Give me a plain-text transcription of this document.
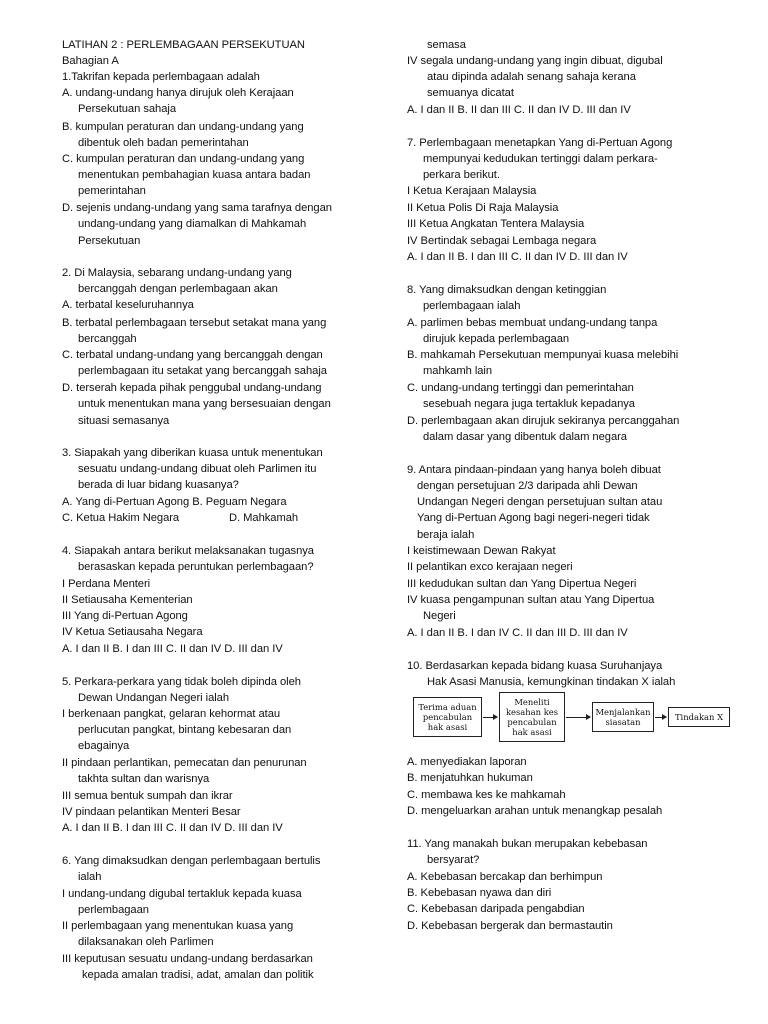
LATIHAN 2 : PERLEMBAGAAN PERSEKUTUAN
Bahagian A
1.Takrifan kepada perlembagaan adalah
A. undang-undang hanya dirujuk oleh Kerajaan
Persekutuan sahaja
B. kumpulan peraturan dan undang-undang yang
dibentuk oleh badan pemerintahan
C. kumpulan peraturan dan undang-undang yang
menentukan pembahagian kuasa antara badan
pemerintahan
D. sejenis undang-undang yang sama tarafnya dengan
undang-undang yang diamalkan di Mahkamah
Persekutuan
2. Di Malaysia, sebarang undang-undang yang
bercanggah dengan perlembagaan akan
A. terbatal keseluruhannya
B. terbatal perlembagaan tersebut setakat mana yang
bercanggah
C. terbatal undang-undang yang bercanggah dengan
perlembagaan itu setakat yang bercanggah sahaja
D. terserah kepada pihak penggubal undang-undang
untuk menentukan mana yang bersesuaian dengan
situasi semasanya
3. Siapakah yang diberikan kuasa untuk menentukan
sesuatu undang-undang dibuat oleh Parlimen itu
berada di luar bidang kuasanya?
A. Yang di-Pertuan Agong B. Peguam Negara
C. Ketua Hakim Negara	D. Mahkamah
4. Siapakah antara berikut melaksanakan tugasnya
berasaskan kepada peruntukan perlembagaan?
I Perdana Menteri
II Setiausaha Kementerian
III Yang di-Pertuan Agong
IV Ketua Setiausaha Negara
A. I dan II B. I dan III C. II dan IV D. III dan IV
5. Perkara-perkara yang tidak boleh dipinda oleh
Dewan Undangan Negeri ialah
I berkenaan pangkat, gelaran kehormat atau
perlucutan pangkat, bintang kebesaran dan
ebagainya
II pindaan perlantikan, pemecatan dan penurunan
takhta sultan dan warisnya
III semua bentuk sumpah dan ikrar
IV pindaan pelantikan Menteri Besar
A. I dan II B. I dan III C. II dan IV D. III dan IV
6. Yang dimaksudkan dengan perlembagaan bertulis
ialah
I undang-undang digubal tertakluk kepada kuasa
perlembagaan
II perlembagaan yang menentukan kuasa yang
dilaksanakan oleh Parlimen
III keputusan sesuatu undang-undang berdasarkan
kepada amalan tradisi, adat, amalan dan politik
semasa
IV segala undang-undang yang ingin dibuat, digubal
atau dipinda adalah senang sahaja kerana
semuanya dicatat
A. I dan II B. II dan III C. II dan IV D. III dan IV
7. Perlembagaan menetapkan Yang di-Pertuan Agong
mempunyai kedudukan tertinggi dalam perkara-
perkara berikut.
I Ketua Kerajaan Malaysia
II Ketua Polis Di Raja Malaysia
III Ketua Angkatan Tentera Malaysia
IV Bertindak sebagai Lembaga negara
A. I dan II B. I dan III C. II dan IV D. III dan IV
8. Yang dimaksudkan dengan ketinggian
perlembagaan ialah
A. parlimen bebas membuat undang-undang tanpa
dirujuk kepada perlembagaan
B. mahkamah Persekutuan mempunyai kuasa melebihi
mahkamh lain
C. undang-undang tertinggi dan pemerintahan
sesebuah negara juga tertakluk kepadanya
D. perlembagaan akan dirujuk sekiranya percanggahan
dalam dasar yang dibentuk dalam negara
9. Antara pindaan-pindaan yang hanya boleh dibuat
dengan persetujuan 2/3 daripada ahli Dewan
Undangan Negeri dengan persetujuan sultan atau
Yang di-Pertuan Agong bagi negeri-negeri tidak
beraja ialah
I keistimewaan Dewan Rakyat
II pelantikan exco kerajaan negeri
III kedudukan sultan dan Yang Dipertua Negeri
IV kuasa pengampunan sultan atau Yang Dipertua
Negeri
A. I dan II B. I dan IV C. II dan III D. III dan IV
10. Berdasarkan kepada bidang kuasa Suruhanjaya
Hak Asasi Manusia, kemungkinan tindakan X ialah
A. menyediakan laporan
B. menjatuhkan hukuman
C. membawa kes ke mahkamah
D. mengeluarkan arahan untuk menangkap pesalah
11. Yang manakah bukan merupakan kebebasan
bersyarat?
A. Kebebasan bercakap dan berhimpun
B. Kebebasan nyawa dan diri
C. Kebebasan daripada pengabdian
D. Kebebasan bergerak dan bermastautin
Terima aduan
pencabulan
hak asasi
Meneliti
kesahan kes
pencabulan
hak asasi
Menjalankan
siasatan	Tindakan X
